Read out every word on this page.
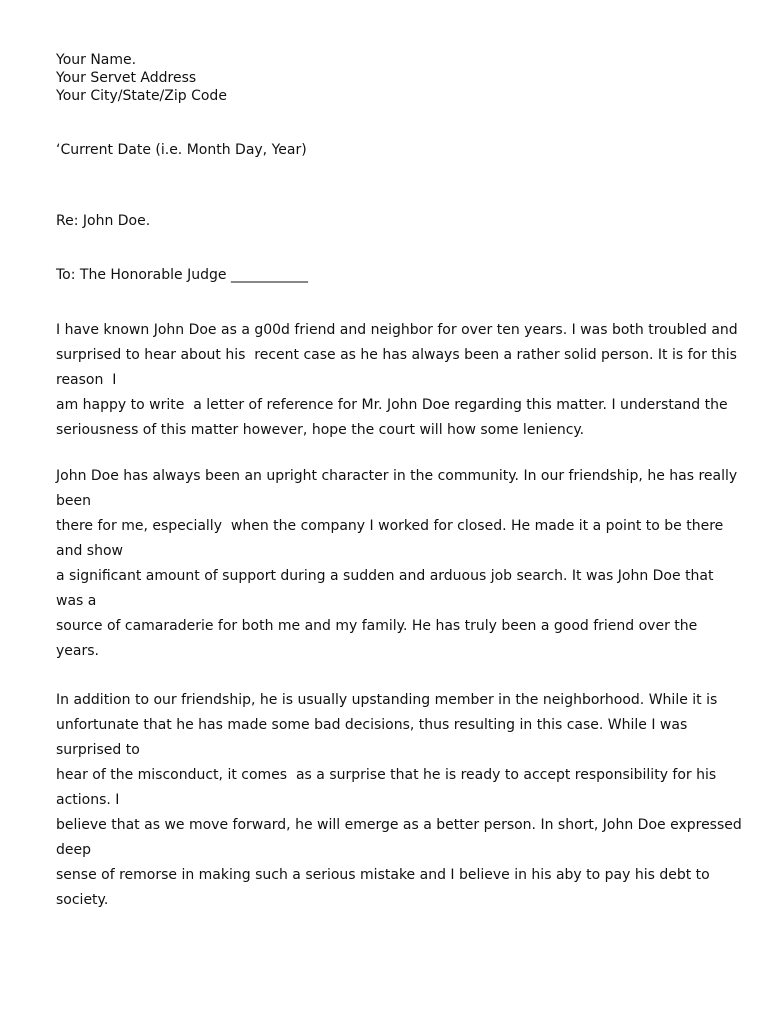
Your Name.
Your Servet Address
Your City/State/Zip Code
‘Current Date (i.e. Month Day, Year)
Re: John Doe.
To: The Honorable Judge ___________
I have known John Doe as a g00d friend and neighbor for over ten years. I was both troubled and
surprised to hear about his  recent case as he has always been a rather solid person. It is for this
reason  I
am happy to write  a letter of reference for Mr. John Doe regarding this matter. I understand the
seriousness of this matter however, hope the court will how some leniency.
John Doe has always been an upright character in the community. In our friendship, he has really
been
there for me, especially  when the company I worked for closed. He made it a point to be there
and show
a significant amount of support during a sudden and arduous job search. It was John Doe that
was a
source of camaraderie for both me and my family. He has truly been a good friend over the
years.
In addition to our friendship, he is usually upstanding member in the neighborhood. While it is
unfortunate that he has made some bad decisions, thus resulting in this case. While I was
surprised to
hear of the misconduct, it comes  as a surprise that he is ready to accept responsibility for his
actions. I
believe that as we move forward, he will emerge as a better person. In short, John Doe expressed
deep
sense of remorse in making such a serious mistake and I believe in his aby to pay his debt to
society.
